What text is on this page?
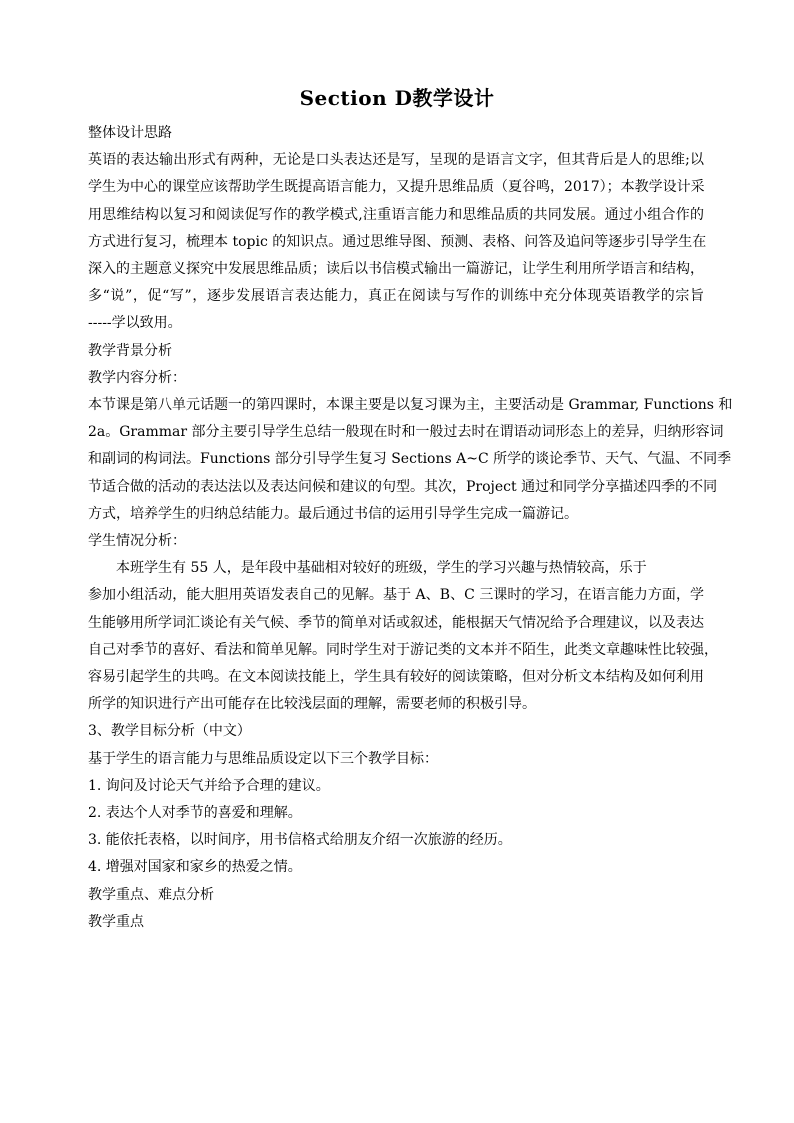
Section D教学设计

整体设计思路

英语的表达输出形式有两种，无论是口头表达还是写，呈现的是语言文字，但其背后是人的思维;以

学生为中心的课堂应该帮助学生既提高语言能力，又提升思维品质（夏谷鸣，2017）；本教学设计采

用思维结构以复习和阅读促写作的教学模式,注重语言能力和思维品质的共同发展。通过小组合作的

方式进行复习，梳理本 topic 的知识点。通过思维导图、预测、表格、问答及追问等逐步引导学生在

深入的主题意义探究中发展思维品质；读后以书信模式输出一篇游记，让学生利用所学语言和结构，

多“说”，促“写”，逐步发展语言表达能力，真正在阅读与写作的训练中充分体现英语教学的宗旨

-----学以致用。

教学背景分析

教学内容分析：

本节课是第八单元话题一的第四课时，本课主要是以复习课为主，主要活动是 Grammar, Functions 和

2a。Grammar 部分主要引导学生总结一般现在时和一般过去时在谓语动词形态上的差异，归纳形容词

和副词的构词法。Functions 部分引导学生复习 Sections A~C 所学的谈论季节、天气、气温、不同季

节适合做的活动的表达法以及表达问候和建议的句型。其次，Project 通过和同学分享描述四季的不同

方式，培养学生的归纳总结能力。最后通过书信的运用引导学生完成一篇游记。

学生情况分析：

本班学生有 55 人，是年段中基础相对较好的班级，学生的学习兴趣与热情较高，乐于

参加小组活动，能大胆用英语发表自己的见解。基于 A、B、C 三课时的学习，在语言能力方面，学

生能够用所学词汇谈论有关气候、季节的简单对话或叙述，能根据天气情况给予合理建议，以及表达

自己对季节的喜好、看法和简单见解。同时学生对于游记类的文本并不陌生，此类文章趣味性比较强，

容易引起学生的共鸣。在文本阅读技能上，学生具有较好的阅读策略，但对分析文本结构及如何利用

所学的知识进行产出可能存在比较浅层面的理解，需要老师的积极引导。

3、教学目标分析（中文）

基于学生的语言能力与思维品质设定以下三个教学目标：

1. 询问及讨论天气并给予合理的建议。

2. 表达个人对季节的喜爱和理解。

3. 能依托表格，以时间序，用书信格式给朋友介绍一次旅游的经历。

4. 增强对国家和家乡的热爱之情。

教学重点、难点分析

教学重点
